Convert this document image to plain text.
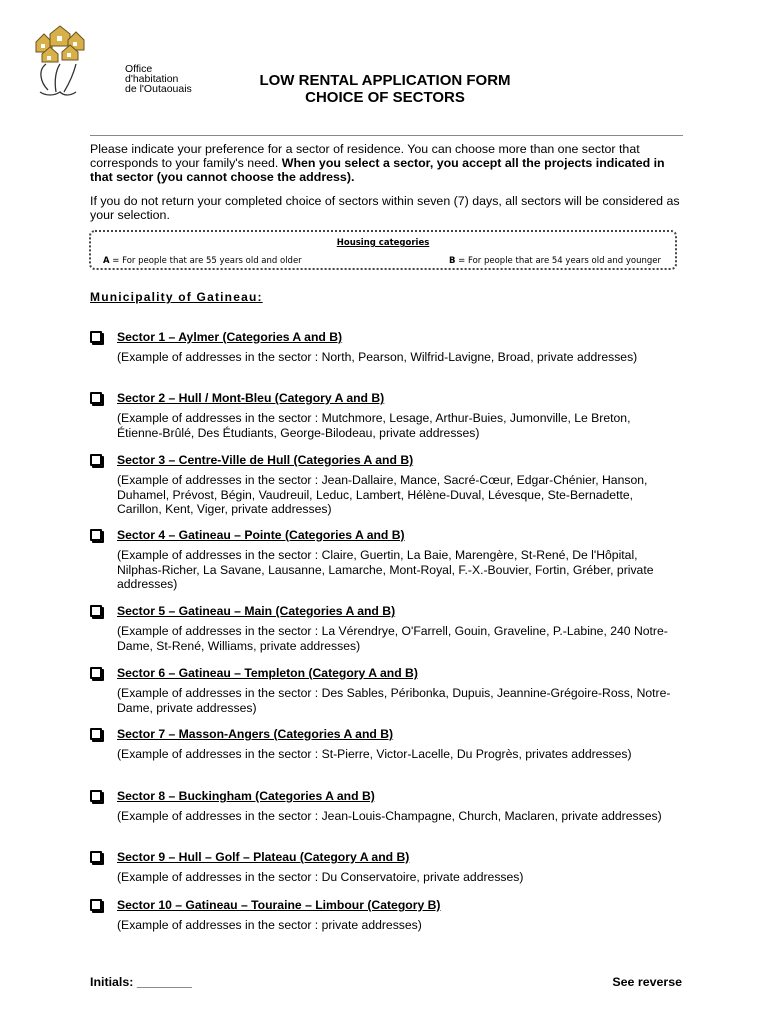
Office
d'habitation
de l'Outaouais	LOW RENTAL APPLICATION FORM
CHOICE OF SECTORS
Please indicate your preference for a sector of residence. You can choose more than one sector that corresponds to your family's need. When you select a sector, you accept all the projects indicated in that sector (you cannot choose the address).
If you do not return your completed choice of sectors within seven (7) days, all sectors will be considered as your selection.
Housing categories
A = For people that are 55 years old and older	B = For people that are 54 years old and younger
Municipality of Gatineau:
Sector 1 – Aylmer (Categories A and B)
(Example of addresses in the sector : North, Pearson, Wilfrid-Lavigne, Broad, private addresses)
Sector 2 – Hull / Mont-Bleu (Category A and B)
(Example of addresses in the sector : Mutchmore, Lesage, Arthur-Buies, Jumonville, Le Breton, Étienne-Brûlé, Des Étudiants, George-Bilodeau, private addresses)
Sector 3 – Centre-Ville de Hull (Categories A and B)
(Example of addresses in the sector : Jean-Dallaire, Mance, Sacré-Cœur, Edgar-Chénier, Hanson, Duhamel, Prévost, Bégin, Vaudreuil, Leduc, Lambert, Hélène-Duval, Lévesque, Ste-Bernadette, Carillon, Kent, Viger, private addresses)
Sector 4 – Gatineau – Pointe (Categories A and B)
(Example of addresses in the sector : Claire, Guertin, La Baie, Marengère, St-René, De l'Hôpital, Nilphas-Richer, La Savane, Lausanne, Lamarche, Mont-Royal, F.-X.-Bouvier, Fortin, Gréber, private addresses)
Sector 5 – Gatineau – Main (Categories A and B)
(Example of addresses in the sector : La Vérendrye, O'Farrell, Gouin, Graveline, P.-Labine, 240 Notre-Dame, St-René, Williams, private addresses)
Sector 6 – Gatineau – Templeton (Category A and B)
(Example of addresses in the sector : Des Sables, Péribonka, Dupuis, Jeannine-Grégoire-Ross, Notre-Dame, private addresses)
Sector 7 – Masson-Angers (Categories A and B)
(Example of addresses in the sector : St-Pierre, Victor-Lacelle, Du Progrès, privates addresses)
Sector 8 – Buckingham (Categories A and B)
(Example of addresses in the sector : Jean-Louis-Champagne, Church, Maclaren, private addresses)
Sector 9 – Hull – Golf – Plateau (Category A and B)
(Example of addresses in the sector : Du Conservatoire, private addresses)
Sector 10 – Gatineau – Touraine – Limbour (Category B)
(Example of addresses in the sector : private addresses)
Initials: ________	See reverse
